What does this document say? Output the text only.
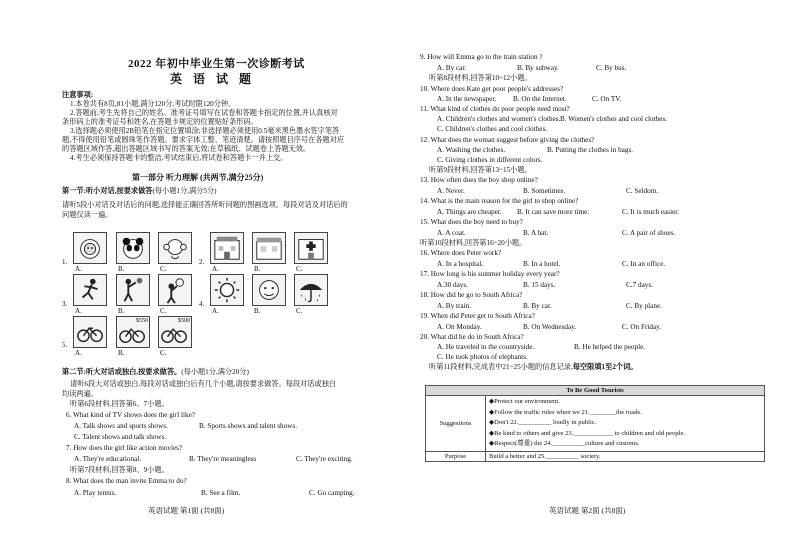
2022 年初中毕业生第一次诊断考试
英 语 试 题
注意事项:
1.本卷共有8页,81小题,满分120分,考试时限120分钟。
2.答题前,考生先将自己的姓名、准考证号填写在试卷和答题卡指定的位置,并认真核对
条形码上的准考证号和姓名,在答题卡规定的位置贴好条形码。
3.选择题必须使用2B铅笔在指定位置填涂;非选择题必须使用0.5毫米黑色墨水签字笔答
题,不得使用铅笔或圆珠笔作答题。要求字体工整、笔迹清楚。请按照题目序号在各题对应
的答题区域作答,超出答题区域书写的答案无效;在草稿纸、试题卷上答题无效。
4.考生必须保持答题卡的整洁,考试结束后,将试卷和答题卡一并上交。
第一部分 听力理解 (共两节,满分25分)
第一节:听小对话,按要求做答(每小题1分,满分5分)
请听5段小对话及对话后的问题,选择能正确回答所听问题的图画选项。每段对话及对话后的
问题仅读一遍。
1.
A.	B.	C.
2.
A.	B.	C.
3.
A.	B.	C.
4.
A.	B.	C.
5.
$550	$500
A.	B.	C.
第二节:听大对话或独白,按要求做答。(每小题1分,满分20分)
请听6段大对话或独白,每段对话或独白后有几个小题,请按要求做答。每段对话或独白
均读两遍。
听第6段材料,回答第6、7小题。
6. What kind of TV shows does the girl like?
A. Talk shows and sports shows.	B. Sports shows and talent shows.
C. Talent shows and talk shows.
7. How does the girl like action movies?
A. They're educational.	B. They're meaningless	C. They're exciting.
听第7段材料,回答第8、9小题。
8. What does the man invite Emma to do?
A. Play tennis.	B. See a film.	C. Go camping.
英语试题 第1面 (共8面)
9. How will Emma go to the train station ?
A. By car.	B. By subway.	C. By bus.
听第8段材料,回答第10~12小题。
10. Where does Kate get poor people's addresses?
A. In the newspaper. B. On the Internet.	C. On TV.
11. What kind of clothes do poor people need most?
A. Children's clothes and women's clothes. B. Women's clothes and cool clothes.
C. Children's clothes and cool clothes.
12. What does the woman suggest before giving the clothes?
A. Washing the clothes.	B. Putting the clothes in bags.
C. Giving clothes in different colors.
听第9段材料,回答第13~15小题。
13. How often does the boy shop online?
A. Never.	B. Sometimes.	C. Seldom.
14. What is the main reason for the girl to shop online?
A. Things are cheaper. B. It can save more time.	C. It is much easier.
15. What does the boy need to buy?
A. A coat.	B. A hat.	C. A pair of shoes.
听第10段材料,回答第16~20小题。
16. Where does Peter work?
A. In a hospital.	B. In a hotel.	C. In an office.
17. How long is his summer holiday every year?
A.30 days.	B. 15 days.	C.7 days.
18. How did he go to South Africa?
A. By train.	B. By car.	C. By plane.
19. When did Peter get to South Africa?
A. On Monday.	B. On Wednesday.	C. On Friday.
20. What did he do in South Africa?
A. He traveled in the countryside.	B. He helped the people.
C. He took photos of elephants.
听第11段材料,完成表中21~25小题的信息记录,每空限填1至2个词。
To Be Good Tourists	
Suggestions	◆Protect our environment.
◆Follow the traffic rules when we 21.________the roads.
◆Don't 22.__________ loudly in public.
◆Be kind to others and give 23.____________ to children and old people.
◆Respect(尊重) the 24.__________culture and customs.

Purpose	Build a better and 25.__________ society.
英语试题 第2面 (共8面)
